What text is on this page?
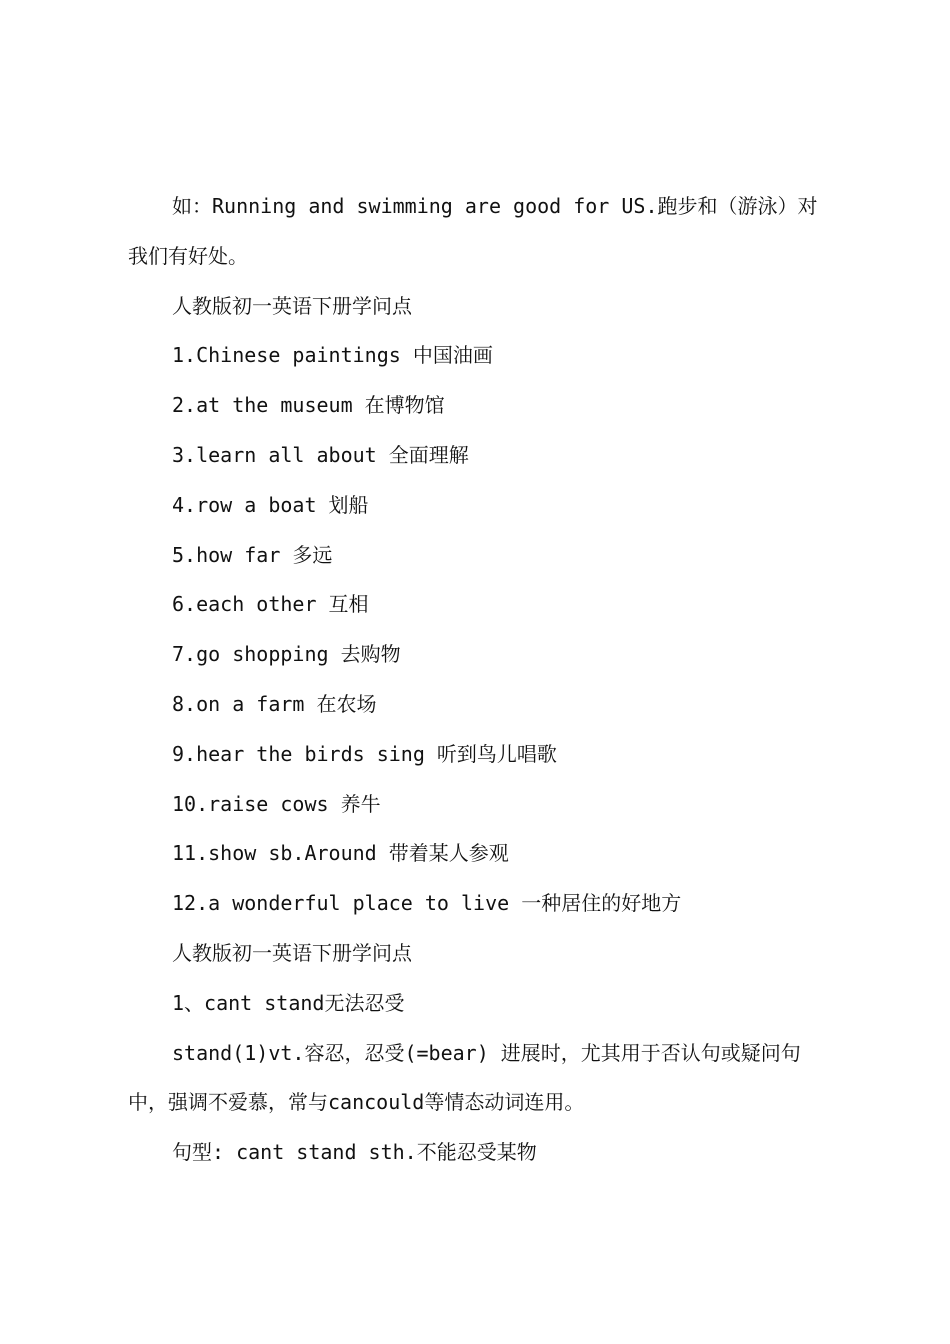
如：Running and swimming are good for US.跑步和（游泳）对我们有好处。

人教版初一英语下册学问点

1.Chinese paintings 中国油画

2.at the museum 在博物馆

3.learn all about 全面理解

4.row a boat 划船

5.how far 多远

6.each other 互相

7.go shopping 去购物

8.on a farm 在农场

9.hear the birds sing 听到鸟儿唱歌

10.raise cows 养牛

11.show sb.Around 带着某人参观

12.a wonderful place to live 一种居住的好地方

人教版初一英语下册学问点

1、cant stand无法忍受

stand(1)vt.容忍，忍受(=bear) 进展时，尤其用于否认句或疑问句中，强调不爱慕，常与cancould等情态动词连用。

句型: cant stand sth.不能忍受某物
